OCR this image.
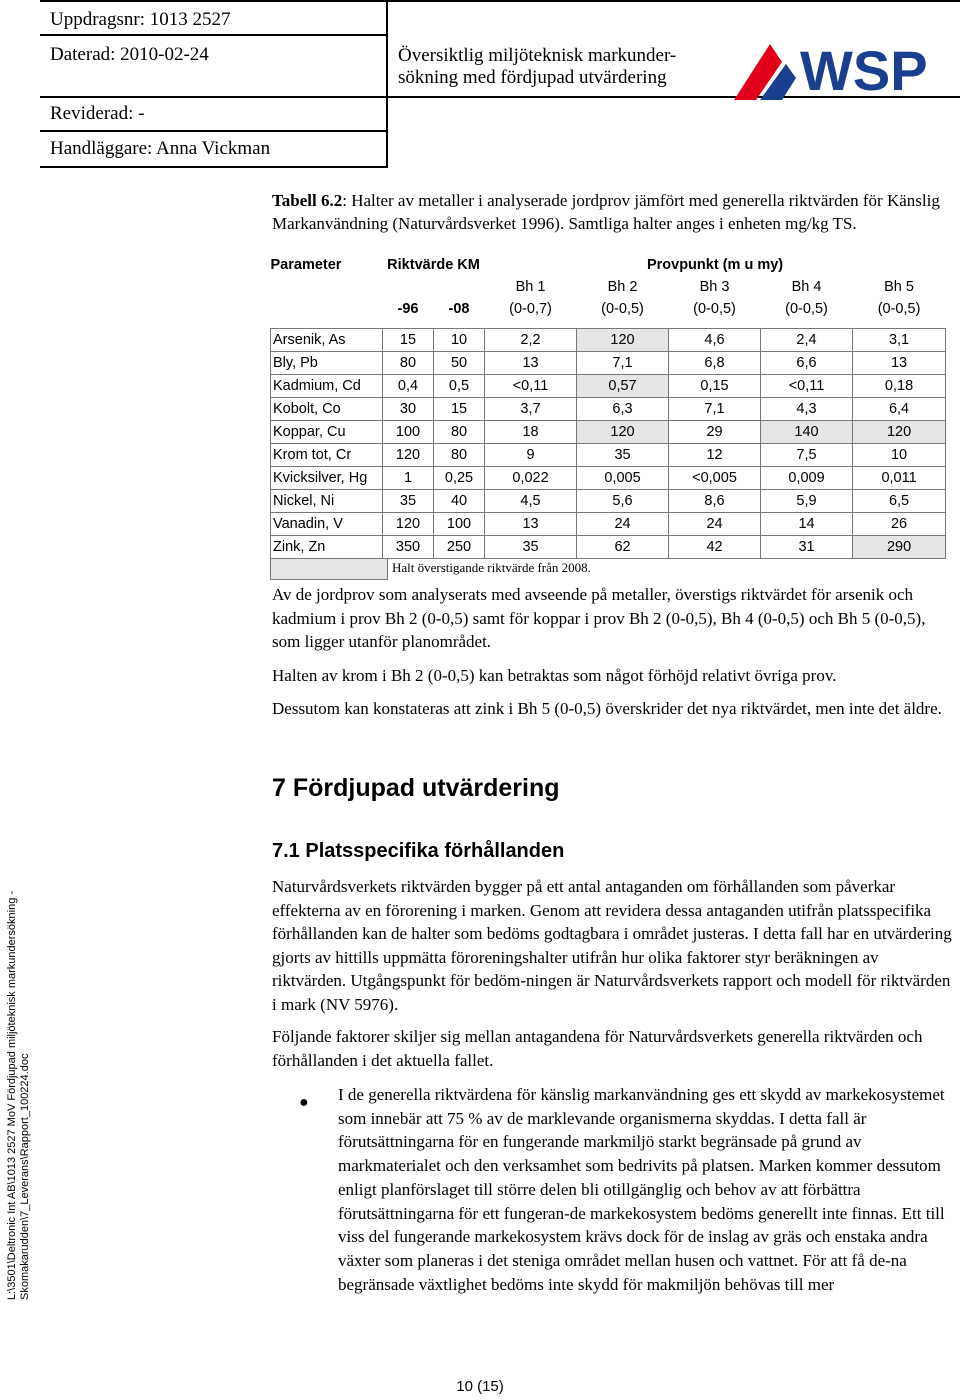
Uppdragsnr: 1013 2527
Daterad: 2010-02-24
Reviderad: -
Handläggare: Anna Vickman
Översiktlig miljöteknisk markunder-sökning med fördjupad utvärdering	WSP
Tabell 6.2: Halter av metaller i analyserade jordprov jämfört med generella riktvärden för Känslig Markanvändning (Naturvårdsverket 1996). Samtliga halter anges i enheten mg/kg TS.
Parameter	Riktvärde KM		Provpunkt (m u my)				
			Bh 1	Bh 2	Bh 3	Bh 4	Bh 5
	-96	-08	(0-0,7)	(0-0,5)	(0-0,5)	(0-0,5)	(0-0,5)

Arsenik, As	15	10	2,2	120	4,6	2,4	3,1
Bly, Pb	80	50	13	7,1	6,8	6,6	13
Kadmium, Cd	0,4	0,5	<0,11	0,57	0,15	<0,11	0,18
Kobolt, Co	30	15	3,7	6,3	7,1	4,3	6,4
Koppar, Cu	100	80	18	120	29	140	120
Krom tot, Cr	120	80	9	35	12	7,5	10
Kvicksilver, Hg	1	0,25	0,022	0,005	<0,005	0,009	0,011
Nickel, Ni	35	40	4,5	5,6	8,6	5,9	6,5
Vanadin, V	120	100	13	24	24	14	26
Zink, Zn	350	250	35	62	42	31	290
Halt överstigande riktvärde från 2008.

Av de jordprov som analyserats med avseende på metaller, överstigs riktvärdet för arsenik och kadmium i prov Bh 2 (0-0,5) samt för koppar i prov Bh 2 (0-0,5), Bh 4 (0-0,5) och Bh 5 (0-0,5), som ligger utanför planområdet.

Halten av krom i Bh 2 (0-0,5) kan betraktas som något förhöjd relativt övriga prov.

Dessutom kan konstateras att zink i Bh 5 (0-0,5) överskrider det nya riktvärdet, men inte det äldre.

7 Fördjupad utvärdering
7.1 Platsspecifika förhållanden

Naturvårdsverkets riktvärden bygger på ett antal antaganden om förhållanden som påverkar effekterna av en förorening i marken. Genom att revidera dessa antaganden utifrån platsspecifika förhållanden kan de halter som bedöms godtagbara i området justeras. I detta fall har en utvärdering gjorts av hittills uppmätta föroreningshalter utifrån hur olika faktorer styr beräkningen av riktvärden. Utgångspunkt för bedöm-ningen är Naturvårdsverkets rapport och modell för riktvärden i mark (NV 5976).

Följande faktorer skiljer sig mellan antagandena för Naturvårdsverkets generella riktvärden och förhållanden i det aktuella fallet.

● I de generella riktvärdena för känslig markanvändning ges ett skydd av markekosystemet som innebär att 75 % av de marklevande organismerna skyddas. I detta fall är förutsättningarna för en fungerande markmiljö starkt begränsade på grund av markmaterialet och den verksamhet som bedrivits på platsen. Marken kommer dessutom enligt planförslaget till större delen bli otillgänglig och behov av att förbättra förutsättningarna för ett fungeran-de markekosystem bedöms generellt inte finnas. Ett till viss del fungerande markekosystem krävs dock för de inslag av gräs och enstaka andra växter som planeras i det steniga området mellan husen och vattnet. För att få de-na begränsade växtlighet bedöms inte skydd för makmiljön behövas till mer

L:\3501\Deltronic Int AB\1013 2527 MoV Fördjupad miljöteknisk markundersökning - Skomakarudden\7_Leverans\Rapport_100224.doc
10 (15)
